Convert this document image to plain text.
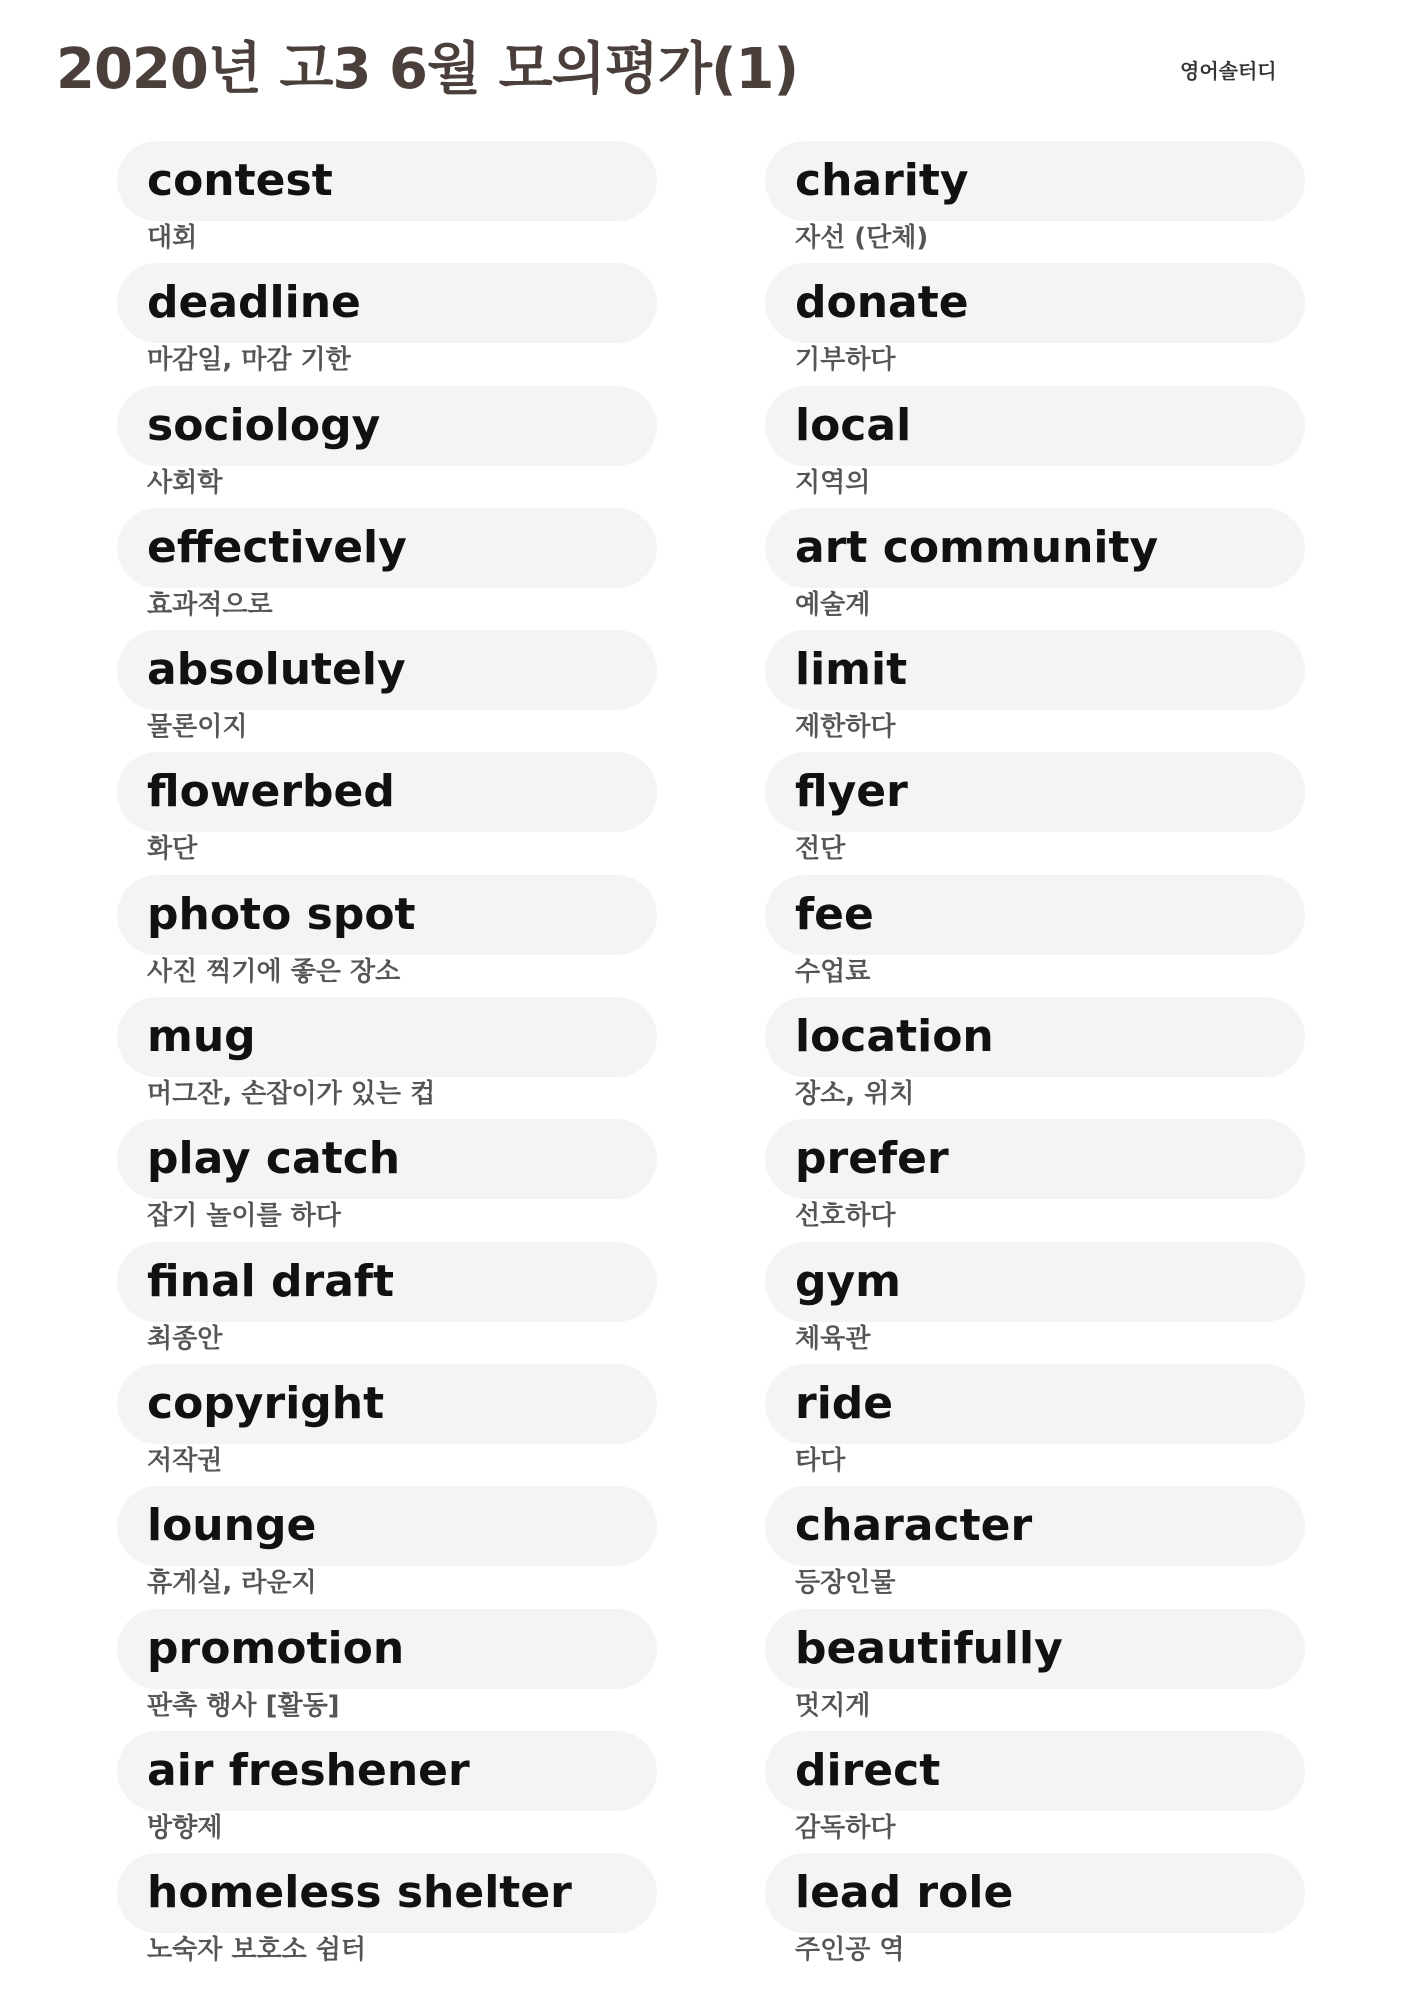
2020년 고3 6월 모의평가(1)	영어솔터디
contest
대회
deadline
마감일, 마감 기한
sociology
사회학
effectively
효과적으로
absolutely
물론이지
flowerbed
화단
photo spot
사진 찍기에 좋은 장소
mug
머그잔, 손잡이가 있는 컵
play catch
잡기 놀이를 하다
final draft
최종안
copyright
저작권
lounge
휴게실, 라운지
promotion
판촉 행사 [활동]
air freshener
방향제
homeless shelter
노숙자 보호소 쉼터
charity
자선 (단체)
donate
기부하다
local
지역의
art community
예술계
limit
제한하다
flyer
전단
fee
수업료
location
장소, 위치
prefer
선호하다
gym
체육관
ride
타다
character
등장인물
beautifully
멋지게
direct
감독하다
lead role
주인공 역
